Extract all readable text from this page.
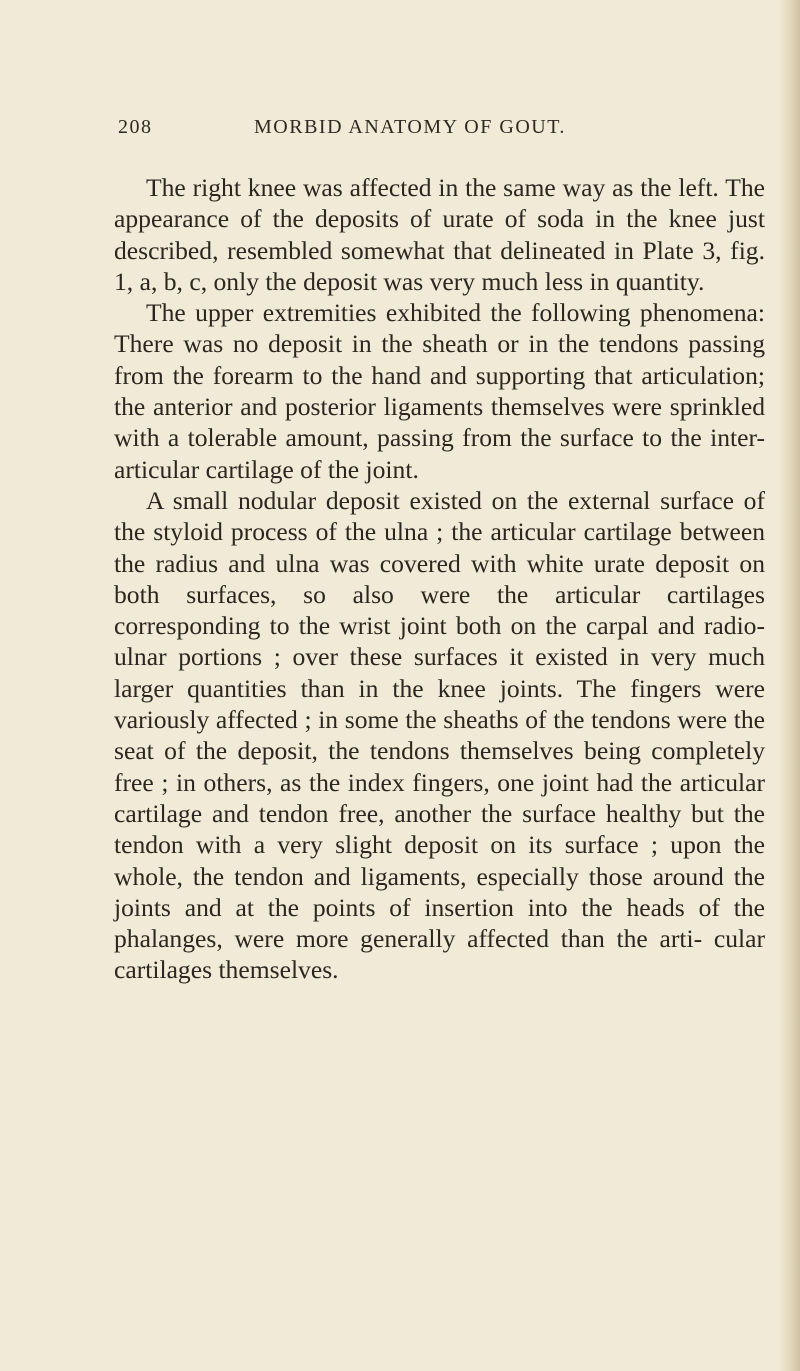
208	MORBID ANATOMY OF GOUT.

The right knee was affected in the same way as the left. The appearance of the deposits of urate of soda in the knee just described, resembled somewhat that delineated in Plate 3, fig. 1, a, b, c, only the deposit was very much less in quantity.

The upper extremities exhibited the following phenomena: There was no deposit in the sheath or in the tendons passing from the forearm to the hand and supporting that articulation; the anterior and posterior ligaments themselves were sprinkled with a tolerable amount, passing from the surface to the inter-articular cartilage of the joint.

A small nodular deposit existed on the external surface of the styloid process of the ulna ; the articular cartilage between the radius and ulna was covered with white urate deposit on both surfaces, so also were the articular cartilages corresponding to the wrist joint both on the carpal and radio-ulnar portions ; over these surfaces it existed in very much larger quantities than in the knee joints. The fingers were variously affected ; in some the sheaths of the tendons were the seat of the deposit, the tendons themselves being completely free ; in others, as the index fingers, one joint had the articular cartilage and tendon free, another the surface healthy but the tendon with a very slight deposit on its surface ; upon the whole, the tendon and ligaments, especially those around the joints and at the points of insertion into the heads of the phalanges, were more generally affected than the arti- cular cartilages themselves.
